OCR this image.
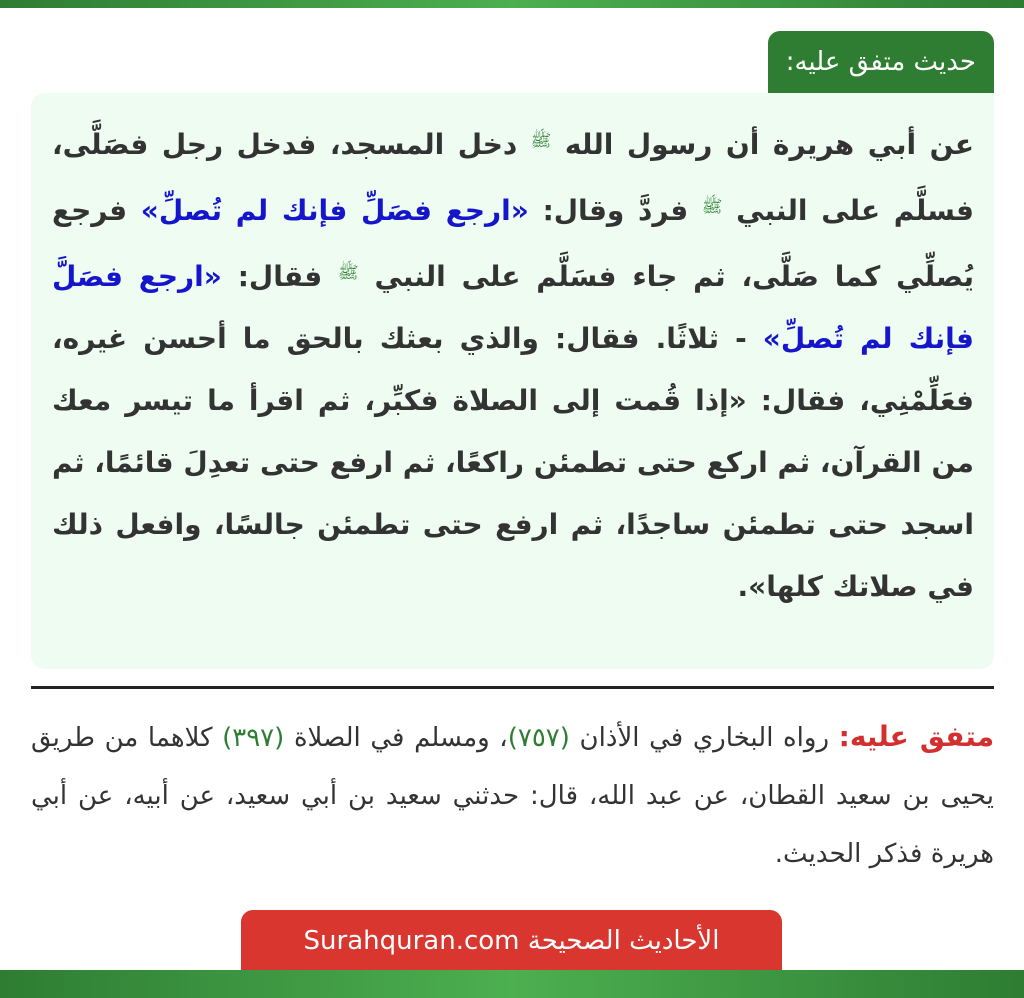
حديث متفق عليه:
عن أبي هريرة أن رسول الله $^ﷺ$ دخل المسجد، فدخل رجل فصَلَّى، فسلَّم على النبي $^ﷺ$ فردَّ وقال: «ارجع فصَلِّ فإنك لم تُصلِّ» فرجع يُصلِّي كما صَلَّى، ثم جاء فسَلَّم على النبي $^ﷺ$ فقال: «ارجع فصَلَّ فإنك لم تُصلِّ» - ثلاثًا. فقال: والذي بعثك بالحق ما أحسن غيره، فعَلِّمْنِي، فقال: «إذا قُمت إلى الصلاة فكبِّر، ثم اقرأ ما تيسر معك من القرآن، ثم اركع حتى تطمئن راكعًا، ثم ارفع حتى تعدِلَ قائمًا، ثم اسجد حتى تطمئن ساجدًا، ثم ارفع حتى تطمئن جالسًا، وافعل ذلك في صلاتك كلها».
متفق عليه: رواه البخاري في الأذان (٧٥٧)، ومسلم في الصلاة (٣٩٧) كلاهما من طريق يحيى بن سعيد القطان، عن عبد الله، قال: حدثني سعيد بن أبي سعيد، عن أبيه، عن أبي هريرة فذكر الحديث.
الأحاديث الصحيحة Surahquran.com
